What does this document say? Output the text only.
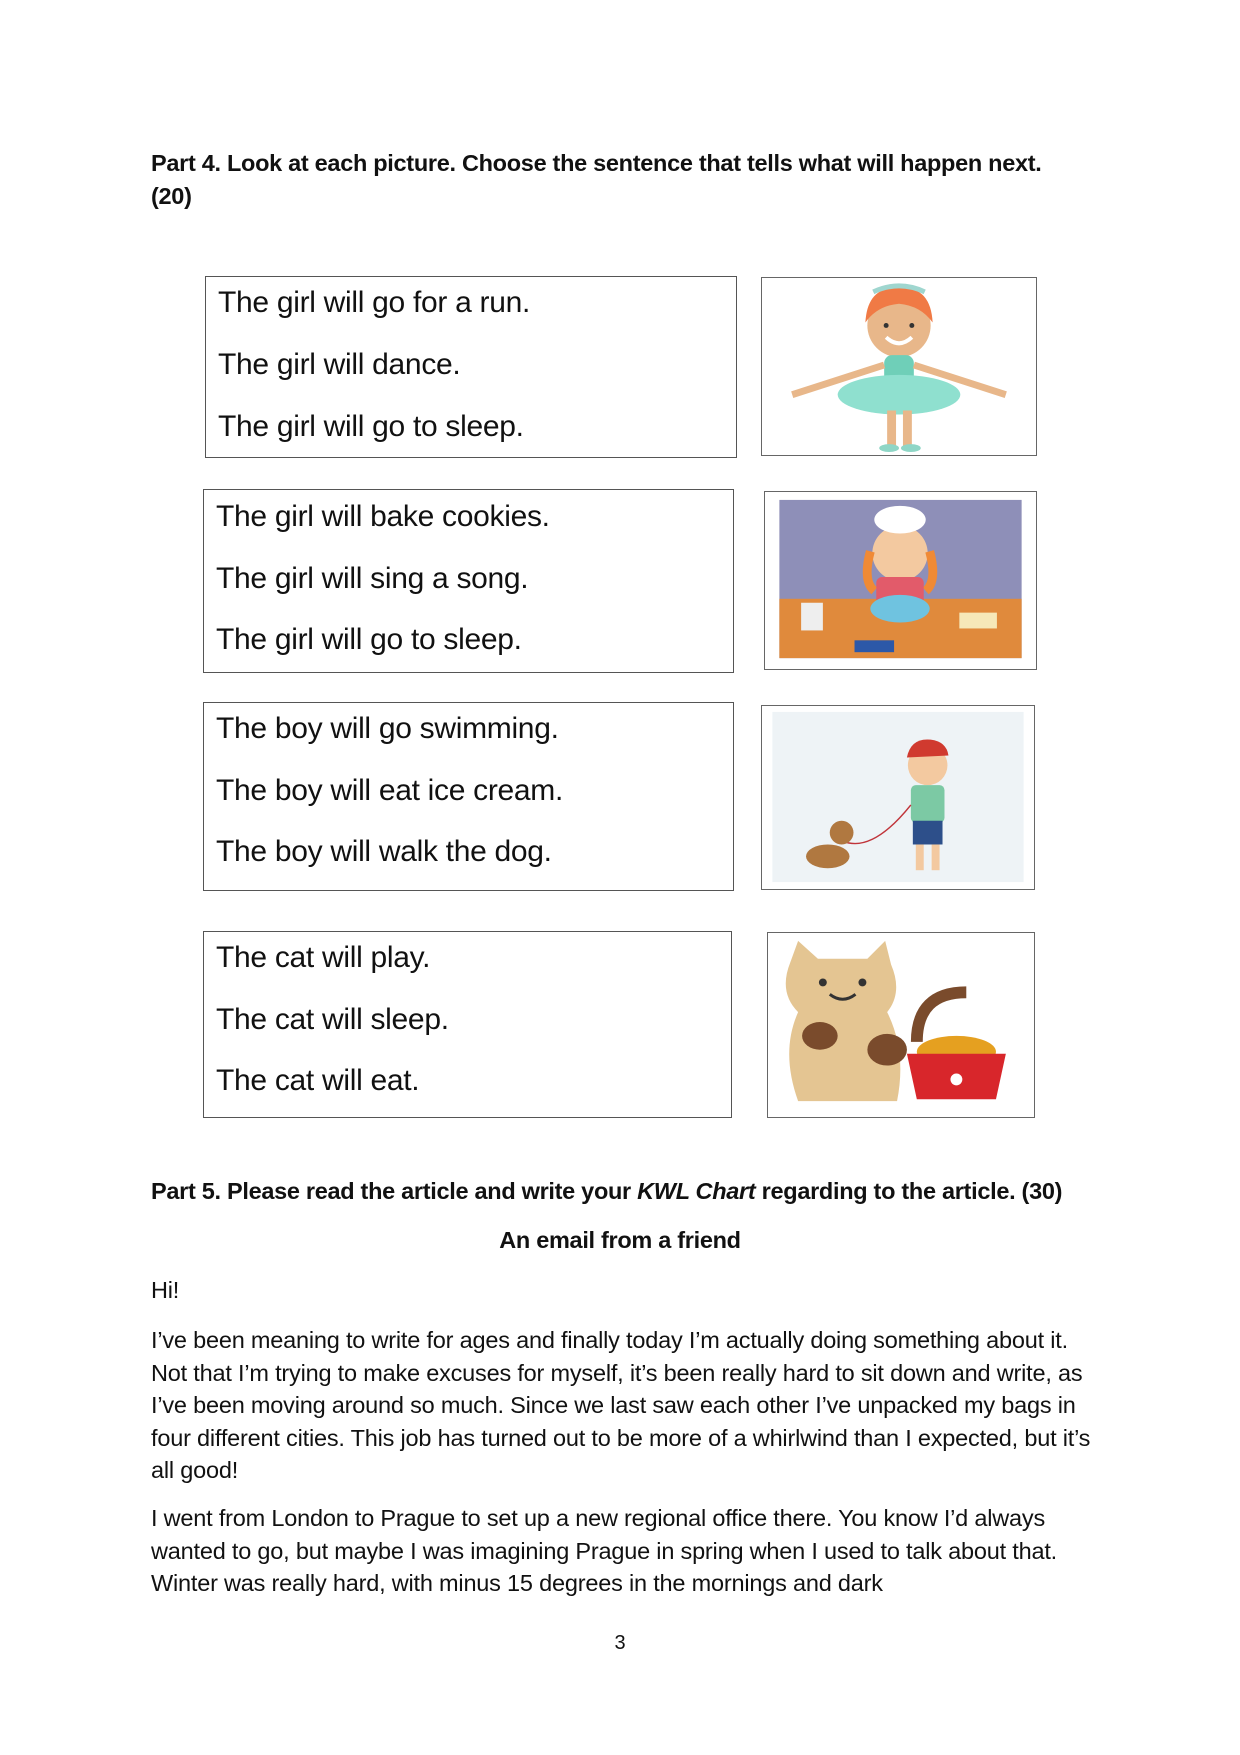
Part 4. Look at each picture. Choose the sentence that tells what will happen next.
(20)
The girl will go for a run.
The girl will dance.
The girl will go to sleep.
The girl will bake cookies.
The girl will sing a song.
The girl will go to sleep.
The boy will go swimming.
The boy will eat ice cream.
The boy will walk the dog.
The cat will play.
The cat will sleep.
The cat will eat.
Part 5. Please read the article and write your KWL Chart regarding to the article. (30)
An email from a friend
Hi!
I’ve been meaning to write for ages and finally today I’m actually doing something about it. Not that I’m trying to make excuses for myself, it’s been really hard to sit down and write, as I’ve been moving around so much. Since we last saw each other I’ve unpacked my bags in four different cities. This job has turned out to be more of a whirlwind than I expected, but it’s all good!
I went from London to Prague to set up a new regional office there. You know I’d always wanted to go, but maybe I was imagining Prague in spring when I used to talk about that. Winter was really hard, with minus 15 degrees in the mornings and dark
3
